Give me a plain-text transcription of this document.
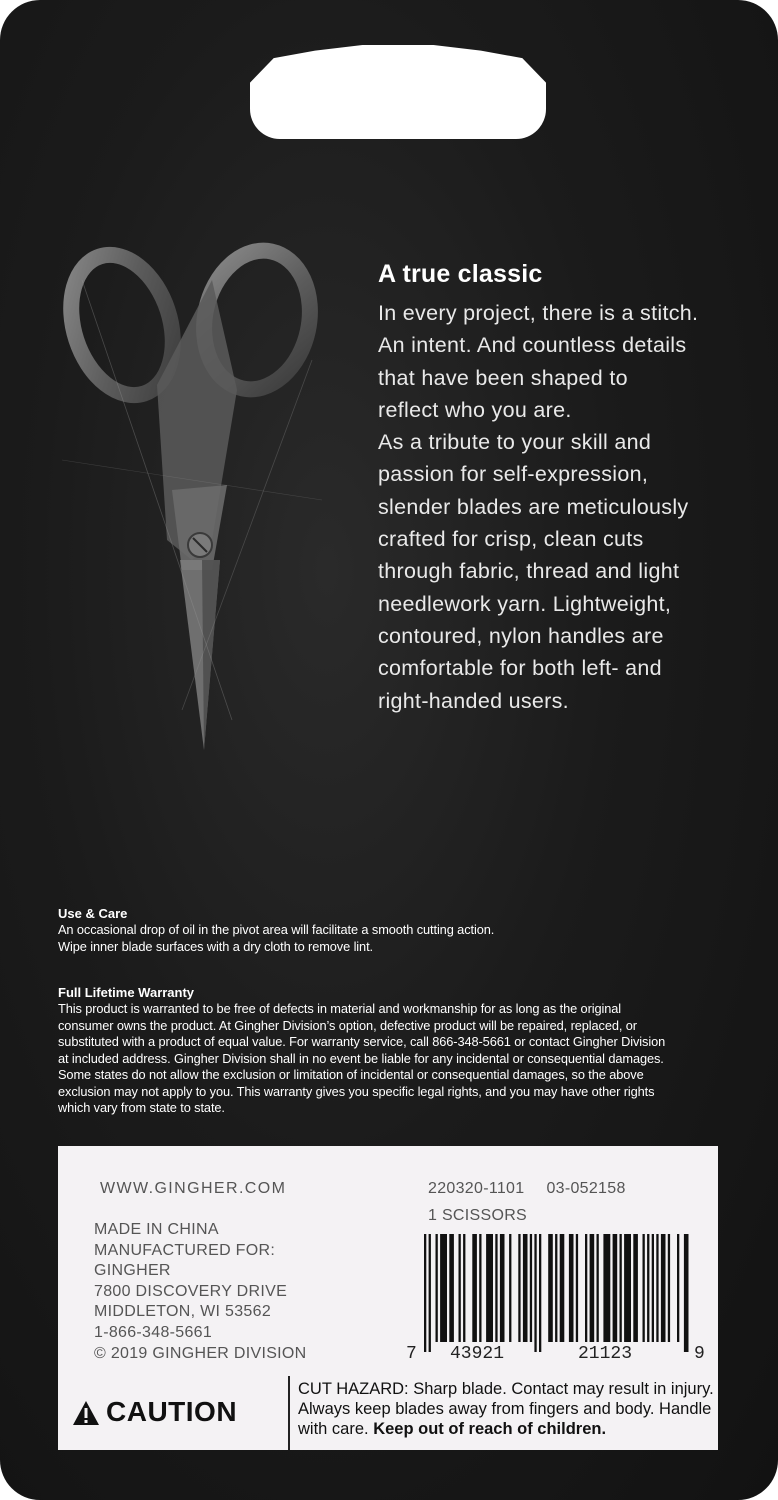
A true classic

In every project, there is a stitch.
An intent. And countless details
that have been shaped to
reflect who you are.

As a tribute to your skill and
passion for self-expression,
slender blades are meticulously
crafted for crisp, clean cuts
through fabric, thread and light
needlework yarn. Lightweight,
contoured, nylon handles are
comfortable for both left- and
right-handed users.

Use & Care

An occasional drop of oil in the pivot area will facilitate a smooth cutting action.
Wipe inner blade surfaces with a dry cloth to remove lint.

Full Lifetime Warranty

This product is warranted to be free of defects in material and workmanship for as long as the original
consumer owns the product. At Gingher Division’s option, defective product will be repaired, replaced, or
substituted with a product of equal value. For warranty service, call 866-348-5661 or contact Gingher Division
at included address. Gingher Division shall in no event be liable for any incidental or consequential damages.
Some states do not allow the exclusion or limitation of incidental or consequential damages, so the above
exclusion may not apply to you. This warranty gives you specific legal rights, and you may have other rights
which vary from state to state.

WWW.GINGHER.COM	220320-1101 03-052158
1 SCISSORS
MADE IN CHINA
MANUFACTURED FOR:
GINGHER
7800 DISCOVERY DRIVE
MIDDLETON, WI 53562
1-866-348-5661
© 2019 GINGHER DIVISION	7 43921	21123	9
CAUTION
CUT HAZARD: Sharp blade. Contact may result in injury. Always keep blades away from fingers and body. Handle with care. Keep out of reach of children.
